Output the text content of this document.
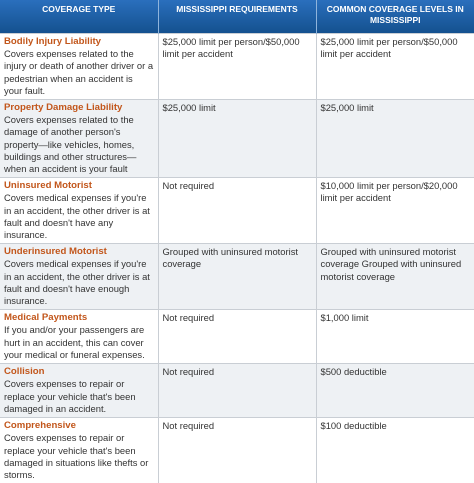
COVERAGE TYPE	MISSISSIPPI REQUIREMENTS	COMMON COVERAGE LEVELS IN MISSISSIPPI

Bodily Injury Liability
Covers expenses related to the injury or death of another driver or a pedestrian when an accident is your fault.	$25,000 limit per person/$50,000 limit per accident	$25,000 limit per person/$50,000 limit per accident

Property Damage Liability
Covers expenses related to the damage of another person's property—like vehicles, homes, buildings and other structures—when an accident is your fault	$25,000 limit	$25,000 limit

Uninsured Motorist
Covers medical expenses if you're in an accident, the other driver is at fault and doesn't have any insurance.	Not required	$10,000 limit per person/$20,000 limit per accident

Underinsured Motorist
Covers medical expenses if you're in an accident, the other driver is at fault and doesn't have enough insurance.	Grouped with uninsured motorist coverage	Grouped with uninsured motorist coverage Grouped with uninsured motorist coverage

Medical Payments
If you and/or your passengers are hurt in an accident, this can cover your medical or funeral expenses.	Not required	$1,000 limit

Collision
Covers expenses to repair or replace your vehicle that's been damaged in an accident.	Not required	$500 deductible

Comprehensive
Covers expenses to repair or replace your vehicle that's been damaged in situations like thefts or storms.	Not required	$100 deductible
